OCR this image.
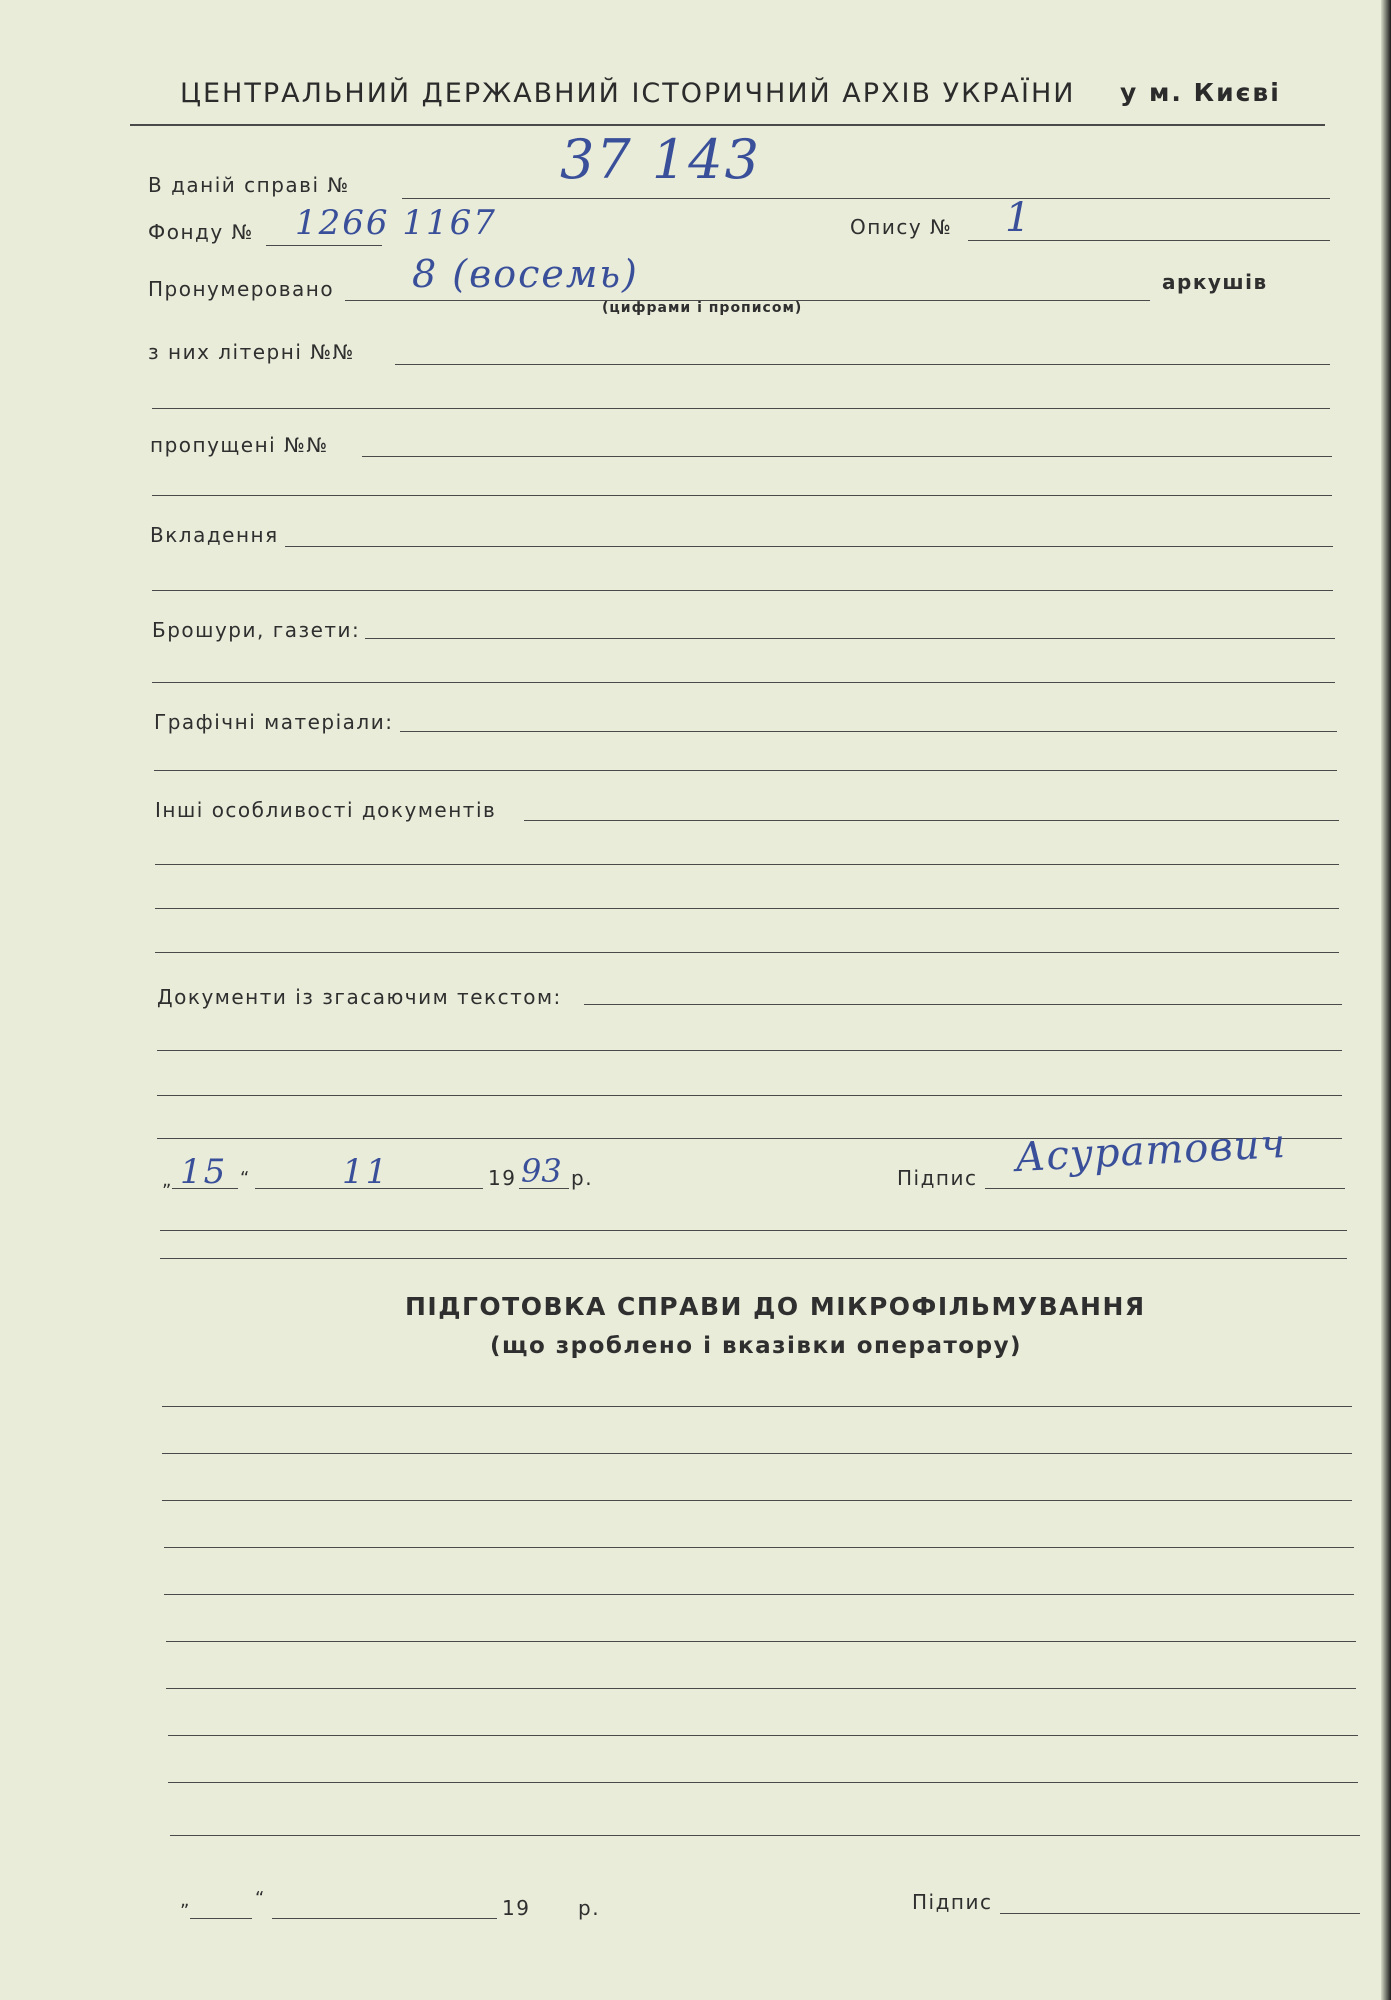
ЦЕНТРАЛЬНИЙ ДЕРЖАВНИЙ ІСТОРИЧНИЙ АРХІВ УКРАЇНИ у м. Києві
В даній справі №	37 143
Фонду № 1266 1167	Опису № 1
Пронумеровано 8 (восемь)	аркушів
(цифрами і прописом)
з них літерні №№
пропущені №№
Вкладення
Брошури, газети:
Графічні матеріали:
Інші особливості документів
Документи із згасаючим текстом:
„ 15 “	11	19 93 р.	Підпис Асуратович
ПІДГОТОВКА СПРАВИ ДО МІКРОФІЛЬМУВАННЯ
(що зроблено і вказівки оператору)
„	“	19 р.	Підпис
